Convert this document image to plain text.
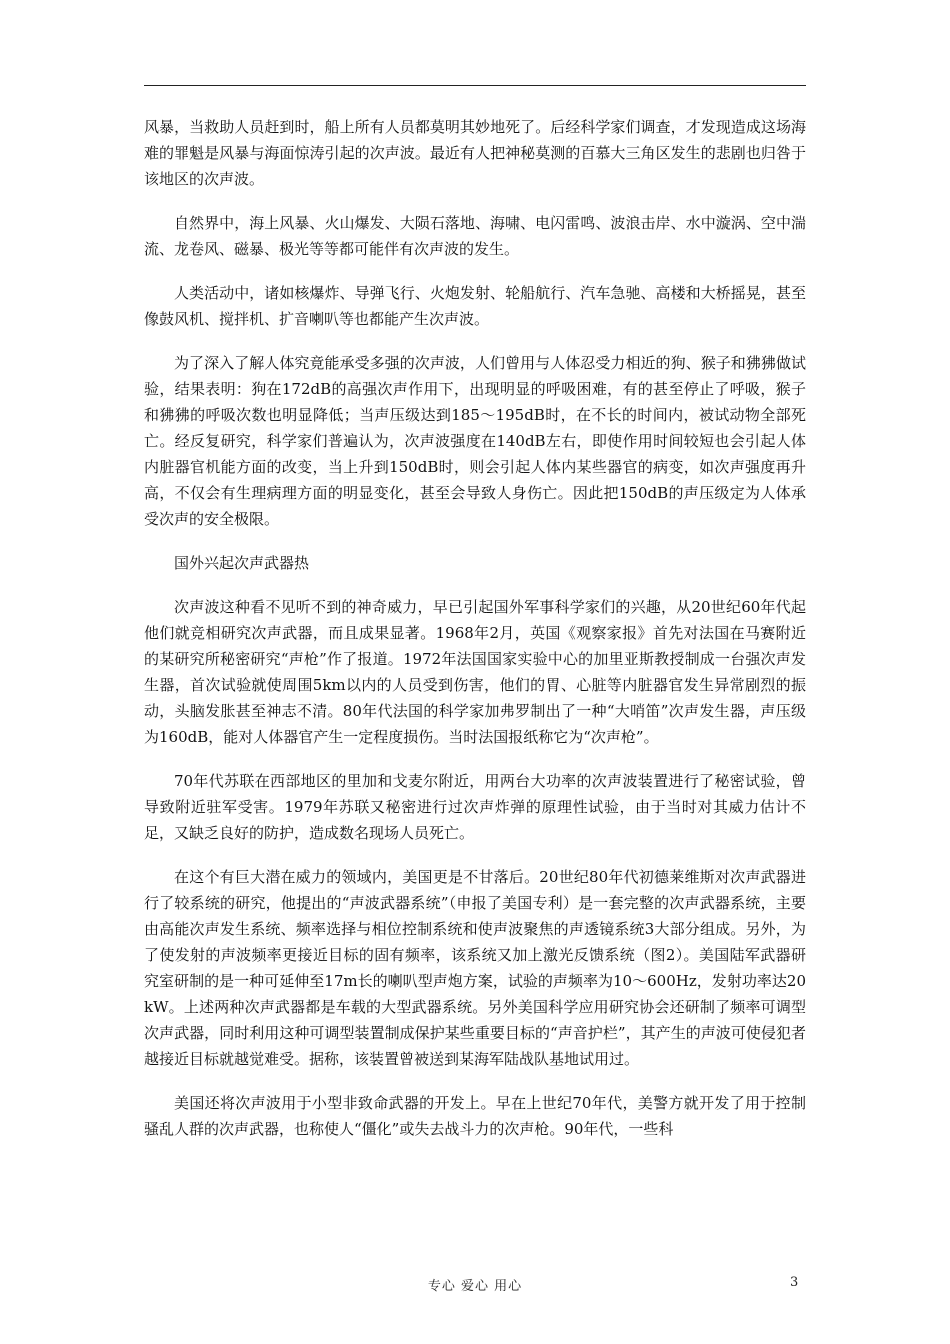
风暴，当救助人员赶到时，船上所有人员都莫明其妙地死了。后经科学家们调查，才发现造成这场海难的罪魁是风暴与海面惊涛引起的次声波。最近有人把神秘莫测的百慕大三角区发生的悲剧也归咎于该地区的次声波。

自然界中，海上风暴、火山爆发、大陨石落地、海啸、电闪雷鸣、波浪击岸、水中漩涡、空中湍流、龙卷风、磁暴、极光等等都可能伴有次声波的发生。

人类活动中，诸如核爆炸、导弹飞行、火炮发射、轮船航行、汽车急驰、高楼和大桥摇晃，甚至像鼓风机、搅拌机、扩音喇叭等也都能产生次声波。

为了深入了解人体究竟能承受多强的次声波，人们曾用与人体忍受力相近的狗、猴子和狒狒做试验，结果表明：狗在172dB的高强次声作用下，出现明显的呼吸困难，有的甚至停止了呼吸，猴子和狒狒的呼吸次数也明显降低；当声压级达到185～195dB时，在不长的时间内，被试动物全部死亡。经反复研究，科学家们普遍认为，次声波强度在140dB左右，即使作用时间较短也会引起人体内脏器官机能方面的改变，当上升到150dB时，则会引起人体内某些器官的病变，如次声强度再升高，不仅会有生理病理方面的明显变化，甚至会导致人身伤亡。因此把150dB的声压级定为人体承受次声的安全极限。

国外兴起次声武器热

次声波这种看不见听不到的神奇威力，早已引起国外军事科学家们的兴趣，从20世纪60年代起他们就竞相研究次声武器，而且成果显著。1968年2月，英国《观察家报》首先对法国在马赛附近的某研究所秘密研究“声枪”作了报道。1972年法国国家实验中心的加里亚斯教授制成一台强次声发生器，首次试验就使周围5km以内的人员受到伤害，他们的胃、心脏等内脏器官发生异常剧烈的振动，头脑发胀甚至神志不清。80年代法国的科学家加弗罗制出了一种“大哨笛”次声发生器，声压级为160dB，能对人体器官产生一定程度损伤。当时法国报纸称它为“次声枪”。

70年代苏联在西部地区的里加和戈麦尔附近，用两台大功率的次声波装置进行了秘密试验，曾导致附近驻军受害。1979年苏联又秘密进行过次声炸弹的原理性试验，由于当时对其威力估计不足，又缺乏良好的防护，造成数名现场人员死亡。

在这个有巨大潜在威力的领域内，美国更是不甘落后。20世纪80年代初德莱维斯对次声武器进行了较系统的研究，他提出的“声波武器系统”（申报了美国专利）是一套完整的次声武器系统，主要由高能次声发生系统、频率选择与相位控制系统和使声波聚焦的声透镜系统3大部分组成。另外，为了使发射的声波频率更接近目标的固有频率，该系统又加上激光反馈系统（图2）。美国陆军武器研究室研制的是一种可延伸至17m长的喇叭型声炮方案，试验的声频率为10～600Hz，发射功率达20kW。上述两种次声武器都是车载的大型武器系统。另外美国科学应用研究协会还研制了频率可调型次声武器，同时利用这种可调型装置制成保护某些重要目标的“声音护栏”，其产生的声波可使侵犯者越接近目标就越觉难受。据称，该装置曾被送到某海军陆战队基地试用过。

美国还将次声波用于小型非致命武器的开发上。早在上世纪70年代，美警方就开发了用于控制骚乱人群的次声武器，也称使人“僵化”或失去战斗力的次声枪。90年代，一些科

专心 爱心 用心	3
